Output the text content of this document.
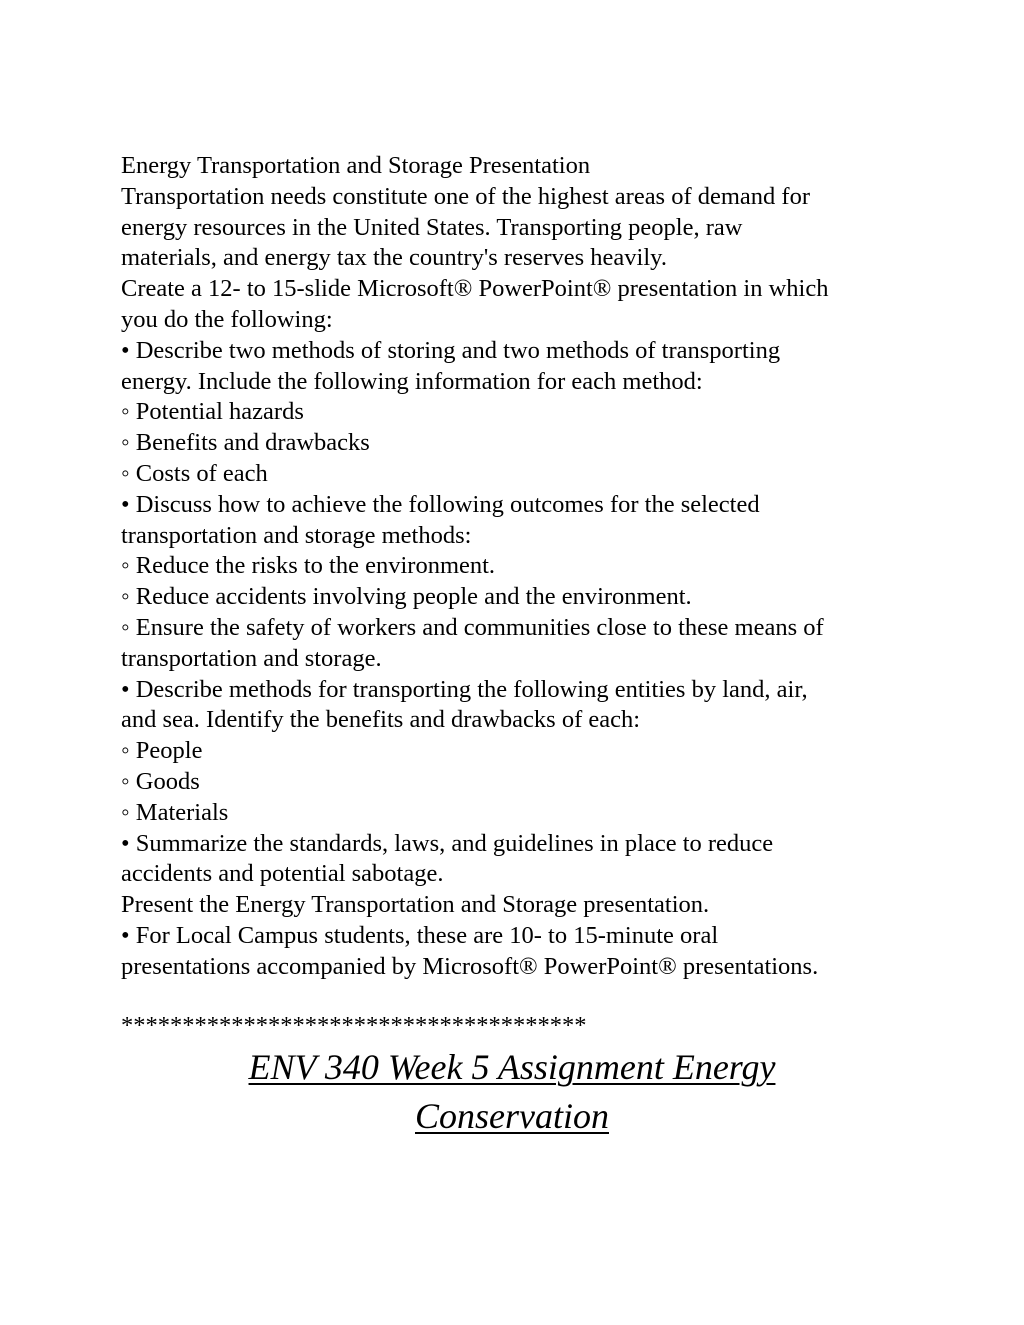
Energy Transportation and Storage Presentation

Transportation needs constitute one of the highest areas of demand for

energy resources in the United States. Transporting people, raw

materials, and energy tax the country's reserves heavily.

Create a 12- to 15-slide Microsoft® PowerPoint® presentation in which

you do the following:

• Describe two methods of storing and two methods of transporting

energy. Include the following information for each method:

◦ Potential hazards

◦ Benefits and drawbacks

◦ Costs of each

• Discuss how to achieve the following outcomes for the selected

transportation and storage methods:

◦ Reduce the risks to the environment.

◦ Reduce accidents involving people and the environment.

◦ Ensure the safety of workers and communities close to these means of

transportation and storage.

• Describe methods for transporting the following entities by land, air,

and sea. Identify the benefits and drawbacks of each:

◦ People

◦ Goods

◦ Materials

• Summarize the standards, laws, and guidelines in place to reduce

accidents and potential sabotage.

Present the Energy Transportation and Storage presentation.

• For Local Campus students, these are 10- to 15-minute oral

presentations accompanied by Microsoft® PowerPoint® presentations.

**************************************
ENV 340 Week 5 Assignment Energy
Conservation
